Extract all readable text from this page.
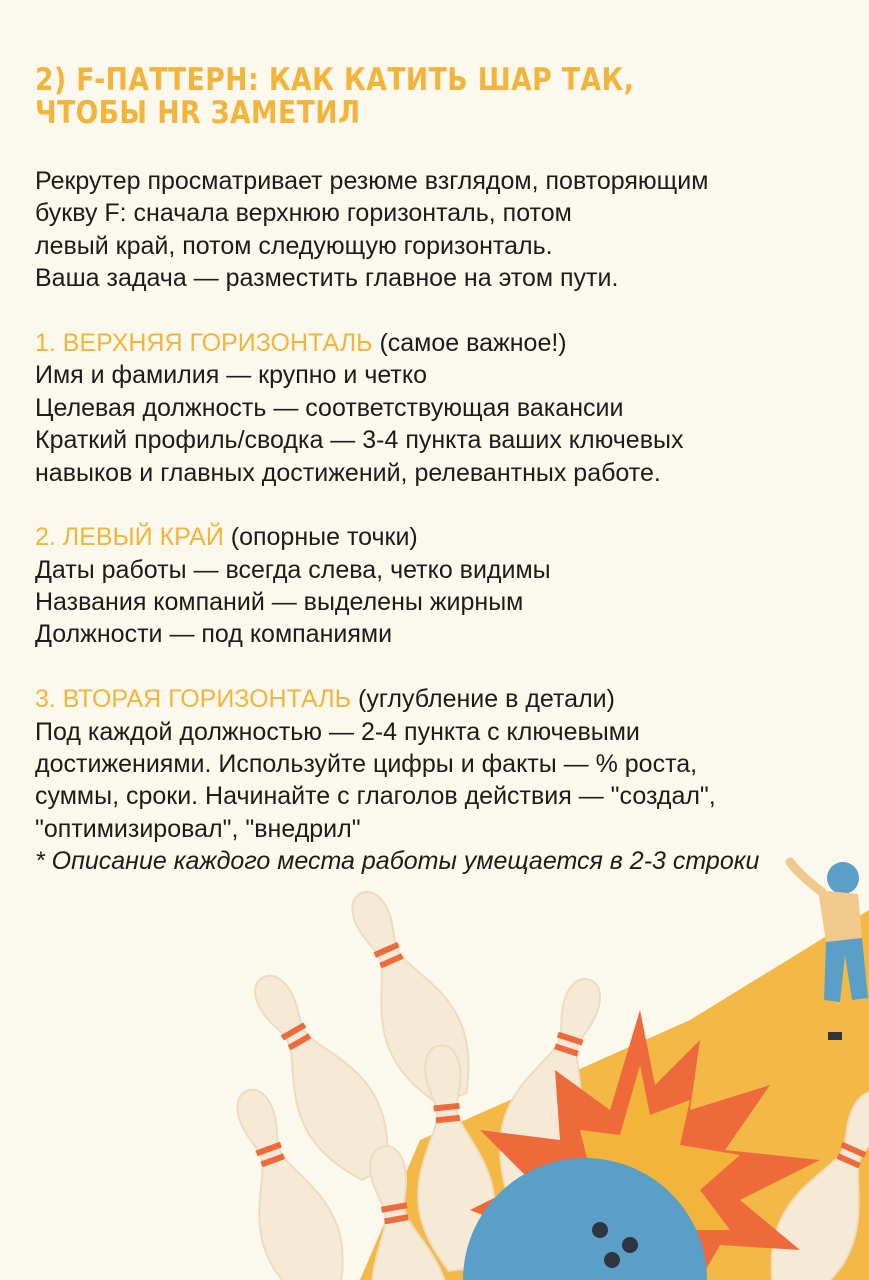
2) F-ПАТТЕРН: КАК КАТИТЬ ШАР ТАК,
ЧТОБЫ HR ЗАМЕТИЛ
Рекрутер просматривает резюме взглядом, повторяющим
букву F: сначала верхнюю горизонталь, потом
левый край, потом следующую горизонталь.
Ваша задача — разместить главное на этом пути.
1. ВЕРХНЯЯ ГОРИЗОНТАЛЬ (самое важное!)
Имя и фамилия — крупно и четко
Целевая должность — соответствующая вакансии
Краткий профиль/сводка — 3-4 пункта ваших ключевых
навыков и главных достижений, релевантных работе.
2. ЛЕВЫЙ КРАЙ (опорные точки)
Даты работы — всегда слева, четко видимы
Названия компаний — выделены жирным
Должности — под компаниями
3. ВТОРАЯ ГОРИЗОНТАЛЬ (углубление в детали)
Под каждой должностью — 2-4 пункта с ключевыми
достижениями. Используйте цифры и факты — % роста,
суммы, сроки. Начинайте с глаголов действия — "создал",
"оптимизировал", "внедрил"
* Описание каждого места работы умещается в 2-3 строки
